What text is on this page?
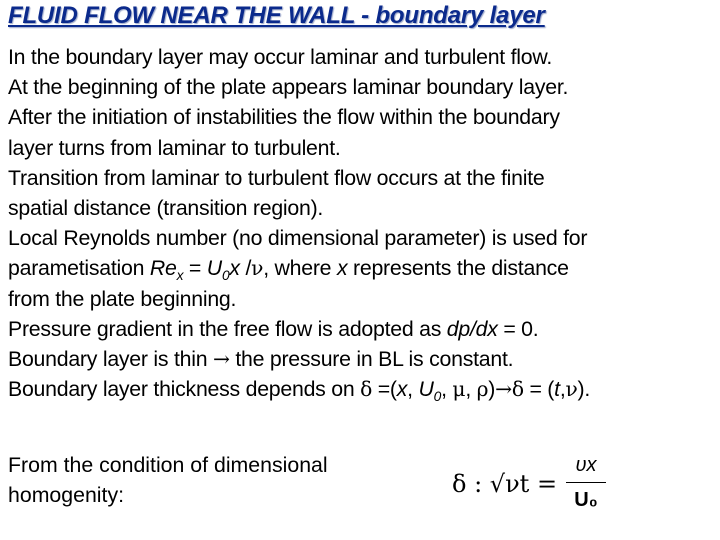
FLUID FLOW NEAR THE WALL - boundary layer
In the boundary layer may occur laminar and turbulent flow.
At the beginning of the plate appears laminar boundary layer.
After the initiation of instabilities the flow within the boundary
layer turns from laminar to turbulent.
Transition from laminar to turbulent flow occurs at the finite
spatial distance (transition region).
Local Reynolds number (no dimensional parameter) is used for
parametisation $Re_x = U_0x$ /ν, where x represents the distance
from the plate beginning.
Pressure gradient in the free flow is adopted as dp/dx = 0.
Boundary layer is thin → the pressure in BL is constant.
Boundary layer thickness depends on δ =(x, $U_0$, μ, ρ)→δ = (t,ν).
From the condition of dimensional
homogenity:	δ : √νt =
υx
U₀
